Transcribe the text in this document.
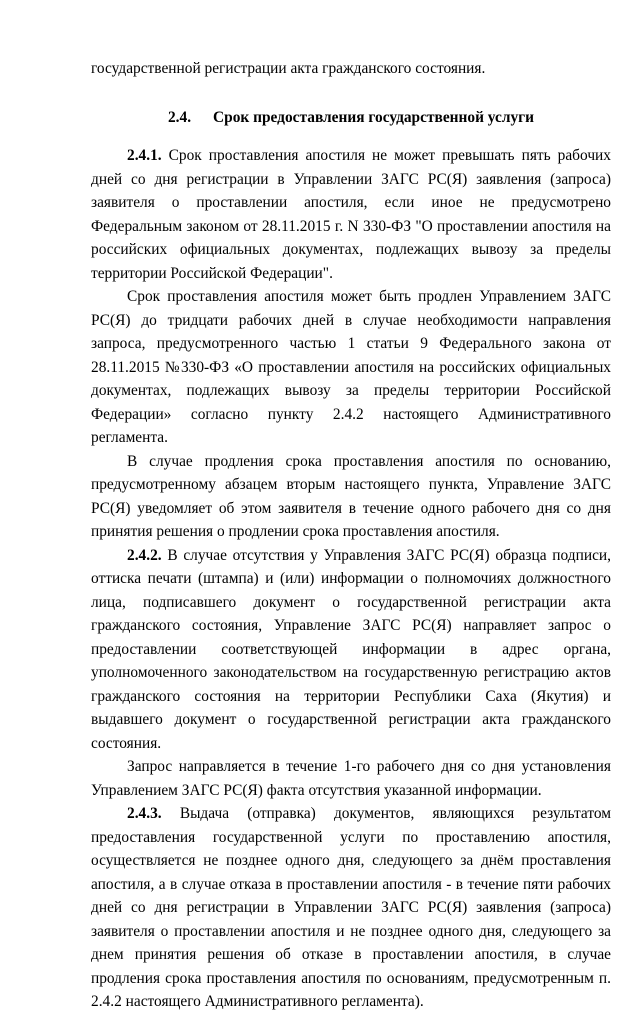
государственной регистрации акта гражданского состояния.

2.4. Срок предоставления государственной услуги

2.4.1. Срок проставления апостиля не может превышать пять рабочих дней со дня регистрации в Управлении ЗАГС РС(Я) заявления (запроса) заявителя о проставлении апостиля, если иное не предусмотрено Федеральным законом от 28.11.2015 г. N 330-ФЗ "О проставлении апостиля на российских официальных документах, подлежащих вывозу за пределы территории Российской Федерации".

Срок проставления апостиля может быть продлен Управлением ЗАГС РС(Я) до тридцати рабочих дней в случае необходимости направления запроса, предусмотренного частью 1 статьи 9 Федерального закона от 28.11.2015 №330-ФЗ «О проставлении апостиля на российских официальных документах, подлежащих вывозу за пределы территории Российской Федерации» согласно пункту 2.4.2 настоящего Административного регламента.

В случае продления срока проставления апостиля по основанию, предусмотренному абзацем вторым настоящего пункта, Управление ЗАГС РС(Я) уведомляет об этом заявителя в течение одного рабочего дня со дня принятия решения о продлении срока проставления апостиля.

2.4.2. В случае отсутствия у Управления ЗАГС РС(Я) образца подписи, оттиска печати (штампа) и (или) информации о полномочиях должностного лица, подписавшего документ о государственной регистрации акта гражданского состояния, Управление ЗАГС РС(Я) направляет запрос о предоставлении соответствующей информации в адрес органа, уполномоченного законодательством на государственную регистрацию актов гражданского состояния на территории Республики Саха (Якутия) и выдавшего документ о государственной регистрации акта гражданского состояния.

Запрос направляется в течение 1-го рабочего дня со дня установления Управлением ЗАГС РС(Я) факта отсутствия указанной информации.

2.4.3. Выдача (отправка) документов, являющихся результатом предоставления государственной услуги по проставлению апостиля, осуществляется не позднее одного дня, следующего за днём проставления апостиля, а в случае отказа в проставлении апостиля - в течение пяти рабочих дней со дня регистрации в Управлении ЗАГС РС(Я) заявления (запроса) заявителя о проставлении апостиля и не позднее одного дня, следующего за днем принятия решения об отказе в проставлении апостиля, в случае продления срока проставления апостиля по основаниям, предусмотренным п. 2.4.2 настоящего Административного регламента).
